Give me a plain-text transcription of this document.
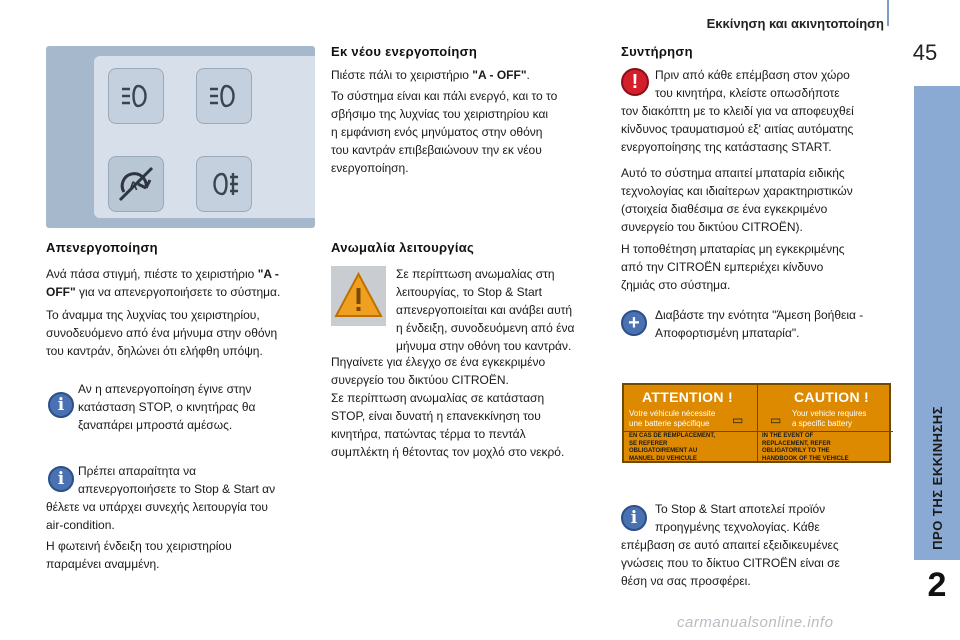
Εκκίνηση και ακινητοποίηση
45
ΠΡΟ ΤΗΣ ΕΚΚΙΝΗΣΗΣ
2
A
Απενεργοποίηση
Ανά πάσα στιγμή, πιέστε το χειριστήριο "A -
OFF" για να απενεργοποιήσετε το σύστημα.
Το άναμμα της λυχνίας του χειριστηρίου,
συνοδευόμενο από ένα μήνυμα στην οθόνη
του καντράν, δηλώνει ότι ελήφθη υπόψη.
i
Αν η απενεργοποίηση έγινε στην
κατάσταση STOP, ο κινητήρας θα
ξαναπάρει μπροστά αμέσως.
i	Πρέπει απαραίτητα να
απενεργοποιήσετε το Stop & Start αν
θέλετε να υπάρχει συνεχής λειτουργία του
air-condition.
Η φωτεινή ένδειξη του χειριστηρίου
παραμένει αναμμένη.
Εκ νέου ενεργοποίηση
Πιέστε πάλι το χειριστήριο "A - OFF".
Το σύστημα είναι και πάλι ενεργό, και το το
σβήσιμο της λυχνίας του χειριστηρίου και
η εμφάνιση ενός μηνύματος στην οθόνη
του καντράν επιβεβαιώνουν την εκ νέου
ενεργοποίηση.
Ανωμαλία λειτουργίας
Σε περίπτωση ανωμαλίας στη
λειτουργίας, το Stop & Start
απενεργοποιείται και ανάβει αυτή
η ένδειξη, συνοδευόμενη από ένα
μήνυμα στην οθόνη του καντράν.
Πηγαίνετε για έλεγχο σε ένα εγκεκριμένο
συνεργείο του δικτύου CITROËN.
Σε περίπτωση ανωμαλίας σε κατάσταση
STOP, είναι δυνατή η επανεκκίνηση του
κινητήρα, πατώντας τέρμα το πεντάλ
συμπλέκτη ή θέτοντας τον μοχλό στο νεκρό.
Συντήρηση
!	Πριν από κάθε επέμβαση στον χώρο
του κινητήρα, κλείστε οπωσδήποτε
τον διακόπτη με το κλειδί για να αποφευχθεί
κίνδυνος τραυματισμού εξ' αιτίας αυτόματης
ενεργοποίησης της κατάστασης START.
Αυτό το σύστημα απαιτεί μπαταρία ειδικής
τεχνολογίας και ιδιαίτερων χαρακτηριστικών
(στοιχεία διαθέσιμα σε ένα εγκεκριμένο
συνεργείο του δικτύου CITROËN).
Η τοποθέτηση μπαταρίας μη εγκεκριμένης
από την CITROËN εμπεριέχει κίνδυνο
ζημιάς στο σύστημα.
+	Διαβάστε την ενότητα "Άμεση βοήθεια -
Αποφορτισμένη μπαταρία".
ATTENTION !	CAUTION !
Votre véhicule nécessite
une batterie spécifique	▭	Your vehicle requires
a specific battery
▭
EN CAS DE REMPLACEMENT,
SE REFERER
OBLIGATOIREMENT AU
MANUEL DU VEHICULE
IN THE EVENT OF
REPLACEMENT, REFER
OBLIGATORILY TO THE
HANDBOOK OF THE VEHICLE
i	Το Stop & Start αποτελεί προϊόν
προηγμένης τεχνολογίας. Κάθε
επέμβαση σε αυτό απαιτεί εξειδικευμένες
γνώσεις που το δίκτυο CITROËN είναι σε
θέση να σας προσφέρει.
carmanualsonline.info
